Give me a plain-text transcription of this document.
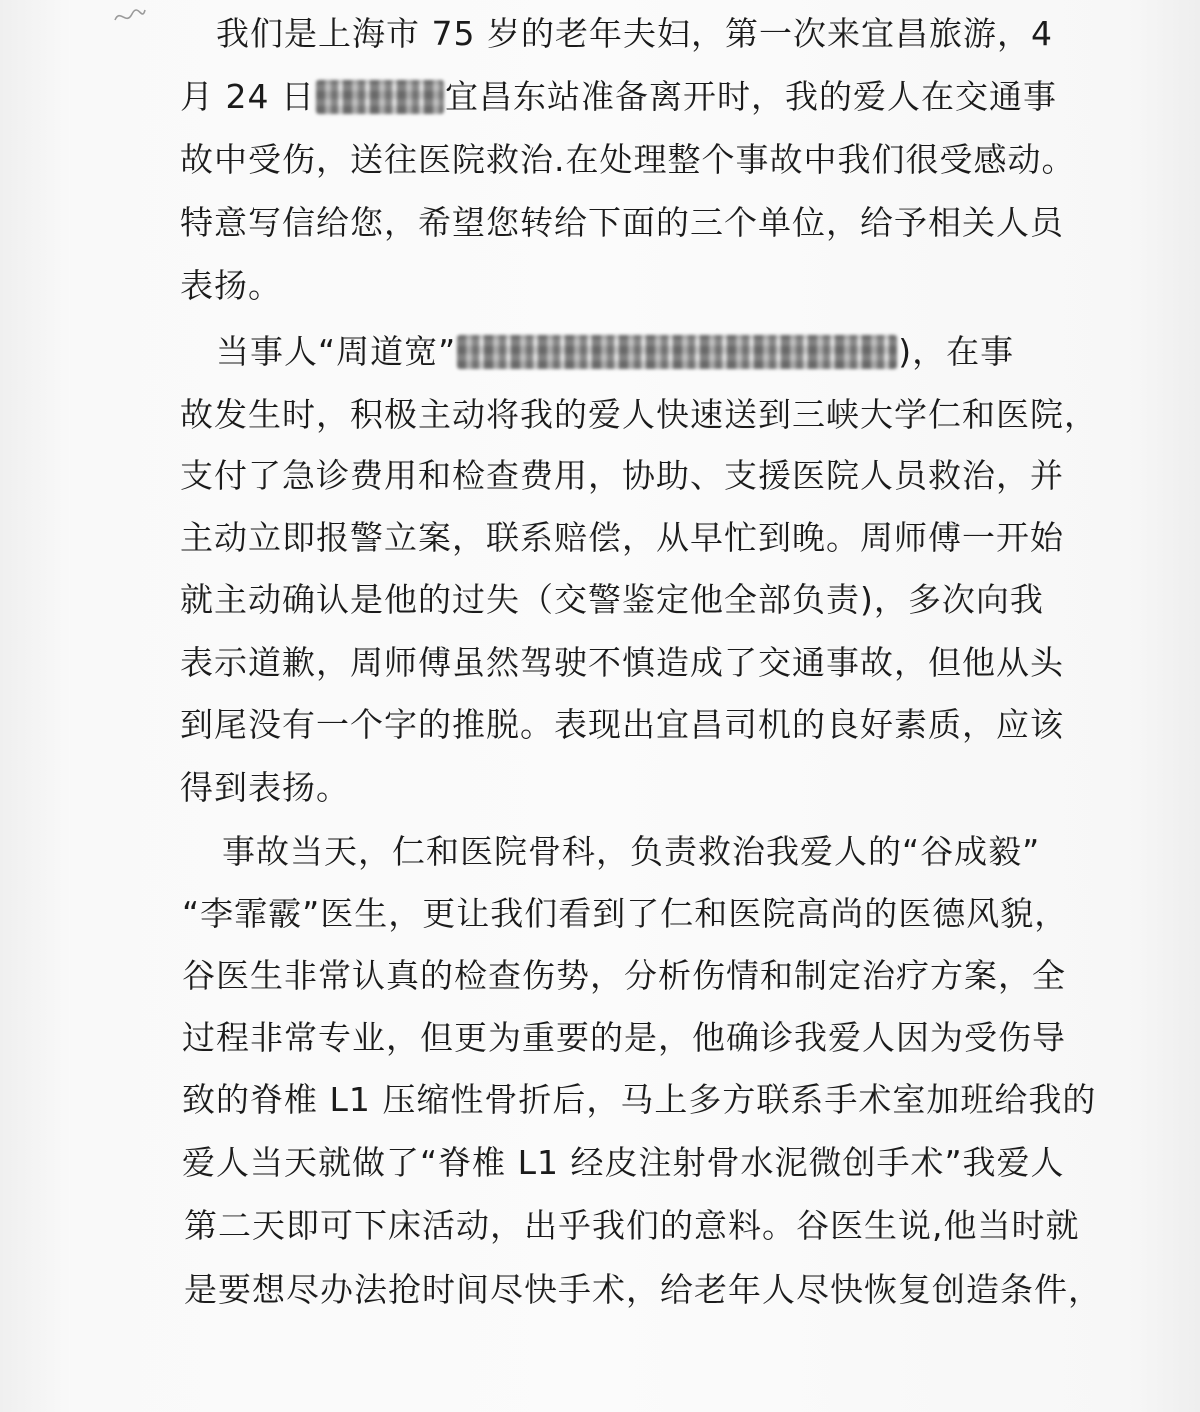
我们是上海市 75 岁的老年夫妇，第一次来宜昌旅游，4
月 24 日	宜昌东站准备离开时，我的爱人在交通事
故中受伤，送往医院救治.在处理整个事故中我们很受感动。
特意写信给您，希望您转给下面的三个单位，给予相关人员
表扬。
当事人“周道宽”	)，在事
故发生时，积极主动将我的爱人快速送到三峡大学仁和医院，
支付了急诊费用和检查费用，协助、支援医院人员救治，并
主动立即报警立案，联系赔偿，从早忙到晚。周师傅一开始
就主动确认是他的过失（交警鉴定他全部负责)，多次向我
表示道歉，周师傅虽然驾驶不慎造成了交通事故，但他从头
到尾没有一个字的推脱。表现出宜昌司机的良好素质，应该
得到表扬。
事故当天，仁和医院骨科，负责救治我爱人的“谷成毅”
“李霏霰”医生，更让我们看到了仁和医院高尚的医德风貌，
谷医生非常认真的检查伤势，分析伤情和制定治疗方案，全
过程非常专业，但更为重要的是，他确诊我爱人因为受伤导
致的脊椎 L1 压缩性骨折后，马上多方联系手术室加班给我的
爱人当天就做了“脊椎 L1 经皮注射骨水泥微创手术”我爱人
第二天即可下床活动，出乎我们的意料。谷医生说,他当时就
是要想尽办法抢时间尽快手术，给老年人尽快恢复创造条件，
